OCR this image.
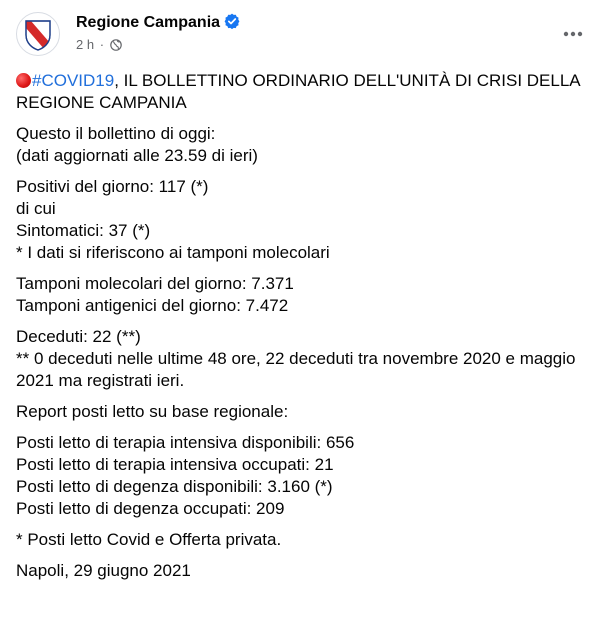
Regione Campania
2 h ·
#COVID19, IL BOLLETTINO ORDINARIO DELL'UNITÀ DI CRISI DELLA REGIONE CAMPANIA
Questo il bollettino di oggi:
(dati aggiornati alle 23.59 di ieri)
Positivi del giorno: 117 (*)
di cui
Sintomatici: 37 (*)
* I dati si riferiscono ai tamponi molecolari
Tamponi molecolari del giorno: 7.371
Tamponi antigenici del giorno: 7.472
Deceduti: 22 (**)
** 0 deceduti nelle ultime 48 ore, 22 deceduti tra novembre 2020 e maggio 2021 ma registrati ieri.
Report posti letto su base regionale:
Posti letto di terapia intensiva disponibili: 656
Posti letto di terapia intensiva occupati: 21
Posti letto di degenza disponibili: 3.160 (*)
Posti letto di degenza occupati: 209
* Posti letto Covid e Offerta privata.
Napoli, 29 giugno 2021
